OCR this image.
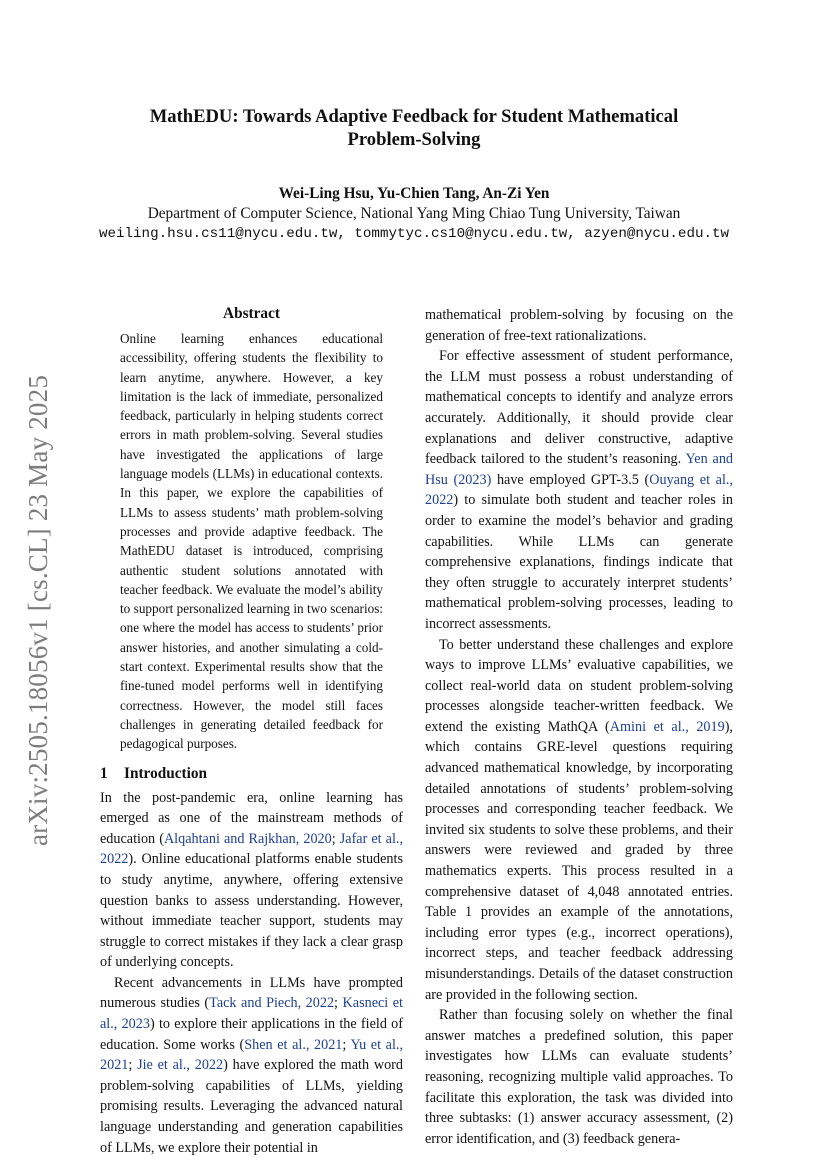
arXiv:2505.18056v1 [cs.CL] 23 May 2025
MathEDU: Towards Adaptive Feedback for Student Mathematical
Problem-Solving
Wei-Ling Hsu, Yu-Chien Tang, An-Zi Yen
Department of Computer Science, National Yang Ming Chiao Tung University, Taiwan
weiling.hsu.cs11@nycu.edu.tw, tommytyc.cs10@nycu.edu.tw, azyen@nycu.edu.tw
Abstract
Online learning enhances educational accessibility, offering students the flexibility to learn anytime, anywhere. However, a key limitation is the lack of immediate, personalized feedback, particularly in helping students correct errors in math problem-solving. Several studies have investigated the applications of large language models (LLMs) in educational contexts. In this paper, we explore the capabilities of LLMs to assess students’ math problem-solving processes and provide adaptive feedback. The MathEDU dataset is introduced, comprising authentic student solutions annotated with teacher feedback. We evaluate the model’s ability to support personalized learning in two scenarios: one where the model has access to students’ prior answer histories, and another simulating a cold-start context. Experimental results show that the fine-tuned model performs well in identifying correctness. However, the model still faces challenges in generating detailed feedback for pedagogical purposes.
1 Introduction

In the post-pandemic era, online learning has emerged as one of the mainstream methods of education (Alqahtani and Rajkhan, 2020; Jafar et al., 2022). Online educational platforms enable students to study anytime, anywhere, offering extensive question banks to assess understanding. However, without immediate teacher support, students may struggle to correct mistakes if they lack a clear grasp of underlying concepts.

Recent advancements in LLMs have prompted numerous studies (Tack and Piech, 2022; Kasneci et al., 2023) to explore their applications in the field of education. Some works (Shen et al., 2021; Yu et al., 2021; Jie et al., 2022) have explored the math word problem-solving capabilities of LLMs, yielding promising results. Leveraging the advanced natural language understanding and generation capabilities of LLMs, we explore their potential in

mathematical problem-solving by focusing on the generation of free-text rationalizations.

For effective assessment of student performance, the LLM must possess a robust understanding of mathematical concepts to identify and analyze errors accurately. Additionally, it should provide clear explanations and deliver constructive, adaptive feedback tailored to the student’s reasoning. Yen and Hsu (2023) have employed GPT-3.5 (Ouyang et al., 2022) to simulate both student and teacher roles in order to examine the model’s behavior and grading capabilities. While LLMs can generate comprehensive explanations, findings indicate that they often struggle to accurately interpret students’ mathematical problem-solving processes, leading to incorrect assessments.

To better understand these challenges and explore ways to improve LLMs’ evaluative capabilities, we collect real-world data on student problem-solving processes alongside teacher-written feedback. We extend the existing MathQA (Amini et al., 2019), which contains GRE-level questions requiring advanced mathematical knowledge, by incorporating detailed annotations of students’ problem-solving processes and corresponding teacher feedback. We invited six students to solve these problems, and their answers were reviewed and graded by three mathematics experts. This process resulted in a comprehensive dataset of 4,048 annotated entries. Table 1 provides an example of the annotations, including error types (e.g., incorrect operations), incorrect steps, and teacher feedback addressing misunderstandings. Details of the dataset construction are provided in the following section.

Rather than focusing solely on whether the final answer matches a predefined solution, this paper investigates how LLMs can evaluate students’ reasoning, recognizing multiple valid approaches. To facilitate this exploration, the task was divided into three subtasks: (1) answer accuracy assessment, (2) error identification, and (3) feedback genera-
